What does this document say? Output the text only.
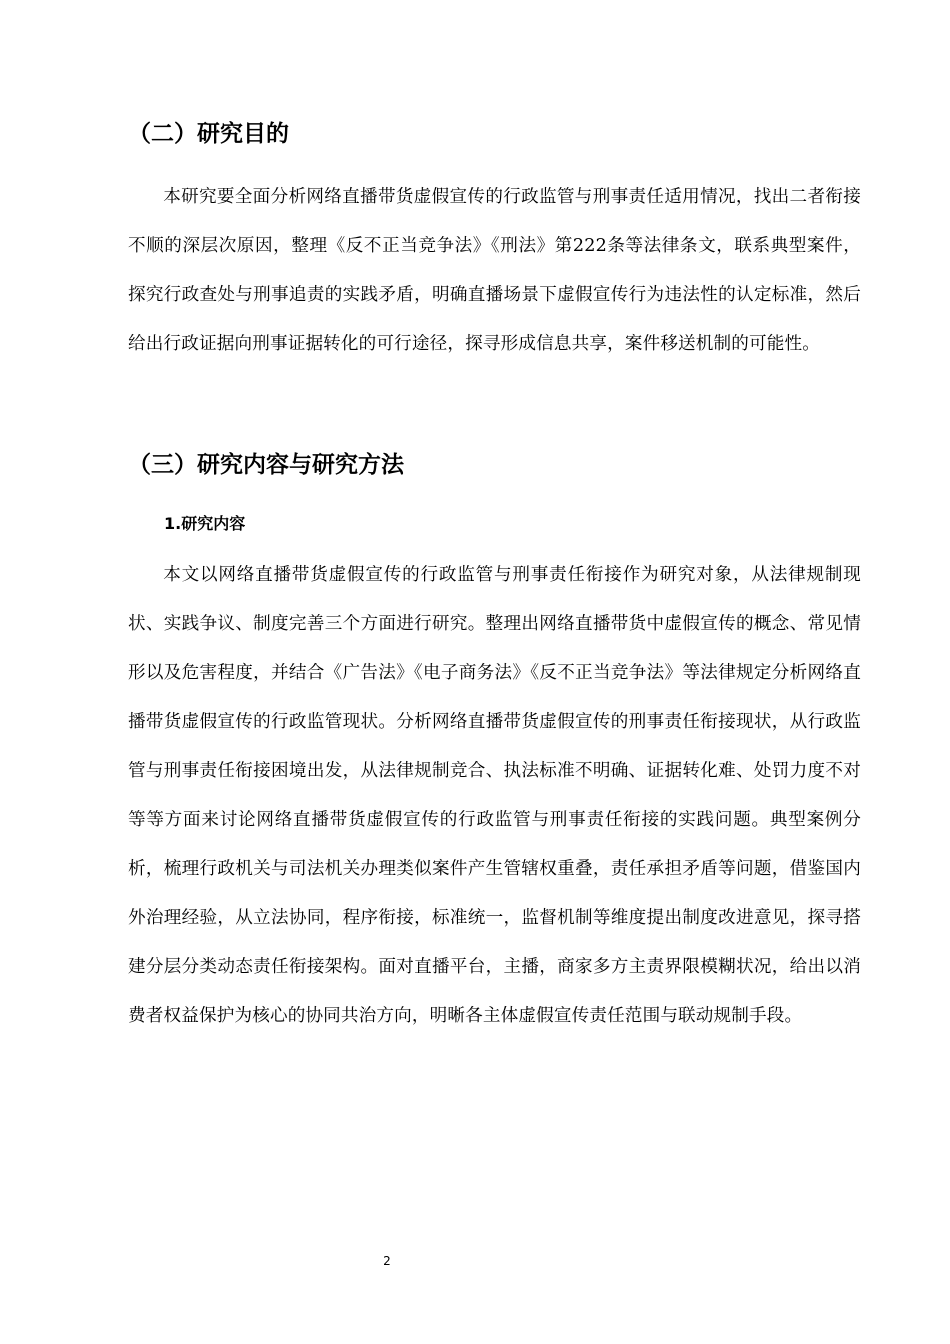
（二）研究目的

本研究要全面分析网络直播带货虚假宣传的行政监管与刑事责任适用情况，找出二者衔接不顺的深层次原因，整理《反不正当竞争法》《刑法》第222条等法律条文，联系典型案件，探究行政查处与刑事追责的实践矛盾，明确直播场景下虚假宣传行为违法性的认定标准，然后给出行政证据向刑事证据转化的可行途径，探寻形成信息共享，案件移送机制的可能性。

（三）研究内容与研究方法
1.研究内容

本文以网络直播带货虚假宣传的行政监管与刑事责任衔接作为研究对象，从法律规制现状、实践争议、制度完善三个方面进行研究。整理出网络直播带货中虚假宣传的概念、常见情形以及危害程度，并结合《广告法》《电子商务法》《反不正当竞争法》等法律规定分析网络直播带货虚假宣传的行政监管现状。分析网络直播带货虚假宣传的刑事责任衔接现状，从行政监管与刑事责任衔接困境出发，从法律规制竞合、执法标准不明确、证据转化难、处罚力度不对等等方面来讨论网络直播带货虚假宣传的行政监管与刑事责任衔接的实践问题。典型案例分析，梳理行政机关与司法机关办理类似案件产生管辖权重叠，责任承担矛盾等问题，借鉴国内外治理经验，从立法协同，程序衔接，标准统一，监督机制等维度提出制度改进意见，探寻搭建分层分类动态责任衔接架构。面对直播平台，主播，商家多方主责界限模糊状况，给出以消费者权益保护为核心的协同共治方向，明晰各主体虚假宣传责任范围与联动规制手段。

2
